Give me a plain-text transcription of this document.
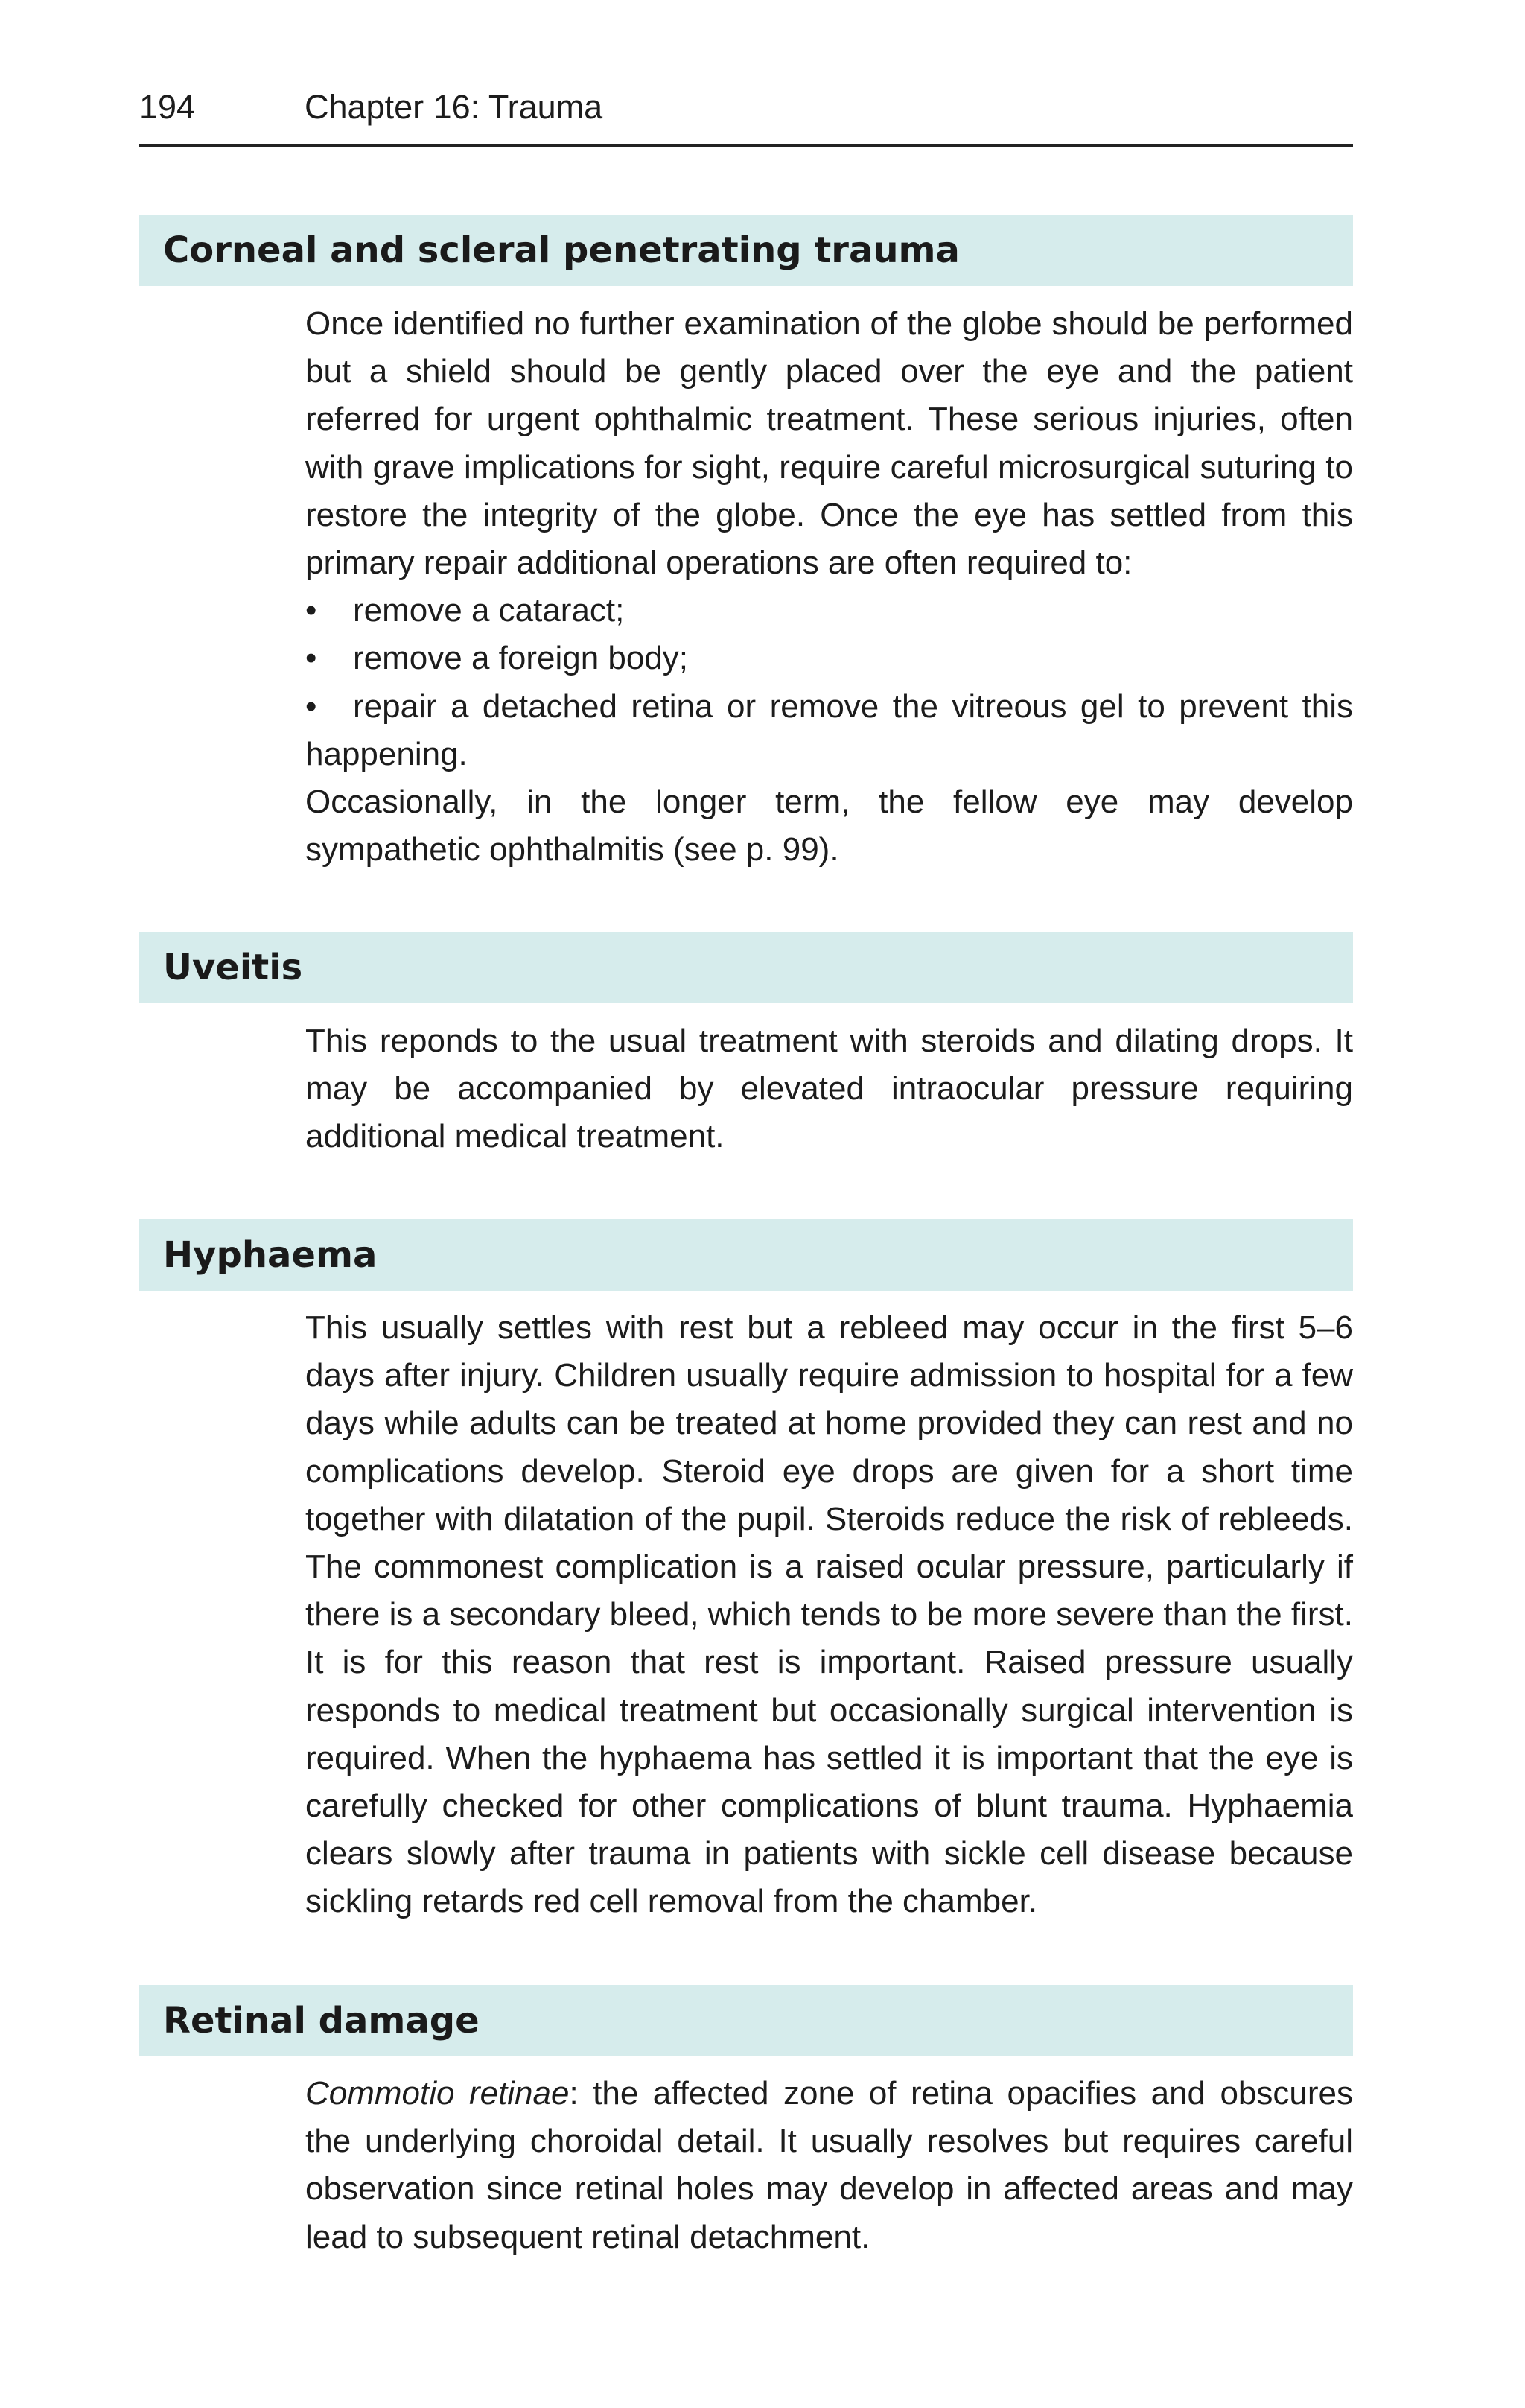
194	Chapter 16: Trauma
Corneal and scleral penetrating trauma

Once identified no further examination of the globe should be performed but a shield should be gently placed over the eye and the patient referred for urgent ophthalmic treatment. These serious injuries, often with grave implications for sight, require careful microsurgical suturing to restore the integrity of the globe. Once the eye has settled from this primary repair additional operations are often required to:

• remove a cataract;

• remove a foreign body;

• repair a detached retina or remove the vitreous gel to prevent this happening.

Occasionally, in the longer term, the fellow eye may develop sympathetic ophthalmitis (see p. 99).

Uveitis

This reponds to the usual treatment with steroids and dilating drops. It may be accompanied by elevated intraocular pressure requiring additional medical treatment.

Hyphaema

This usually settles with rest but a rebleed may occur in the first 5–6 days after injury. Children usually require admission to hospital for a few days while adults can be treated at home provided they can rest and no complications develop. Steroid eye drops are given for a short time together with dilatation of the pupil. Steroids reduce the risk of rebleeds. The commonest complication is a raised ocular pressure, particularly if there is a secondary bleed, which tends to be more severe than the first. It is for this reason that rest is important. Raised pressure usually responds to medical treatment but occasionally surgical intervention is required. When the hyphaema has settled it is important that the eye is carefully checked for other complications of blunt trauma. Hyphaemia clears slowly after trauma in patients with sickle cell disease because sickling retards red cell removal from the chamber.

Retinal damage

Commotio retinae: the affected zone of retina opacifies and obscures the underlying choroidal detail. It usually resolves but requires careful observation since retinal holes may develop in affected areas and may lead to subsequent retinal detachment.
